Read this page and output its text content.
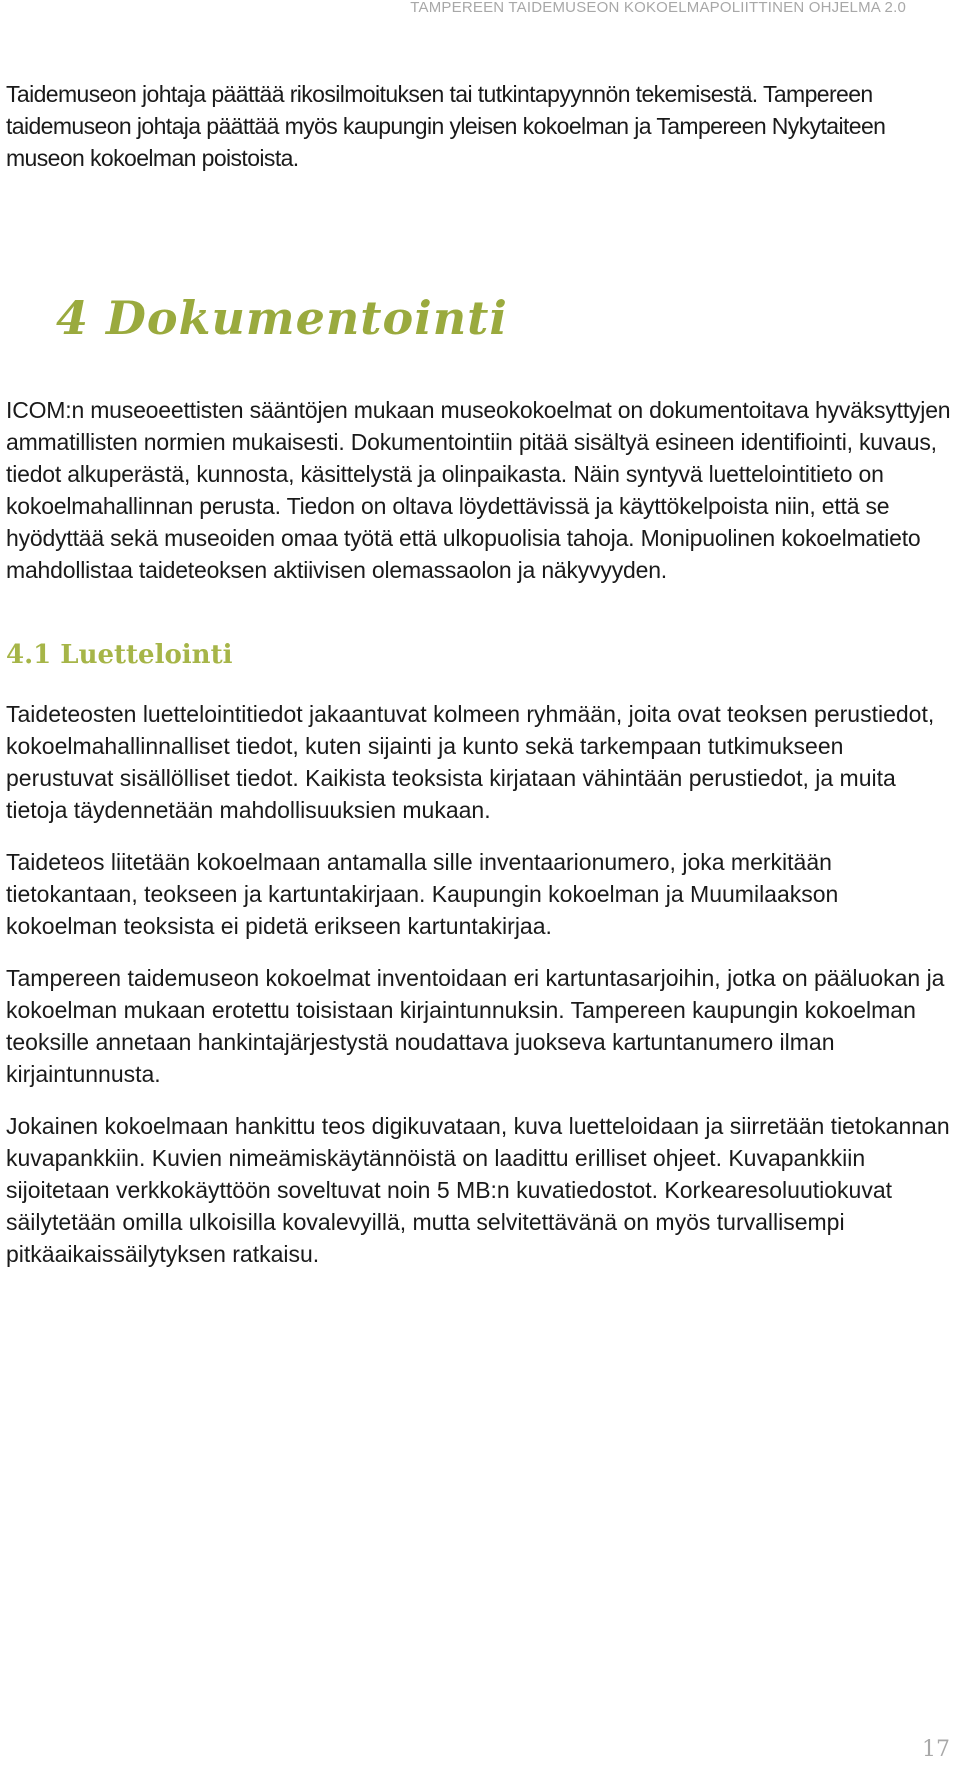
TAMPEREEN TAIDEMUSEON KOKOELMAPOLIITTINEN OHJELMA 2.0

Taidemuseon johtaja päättää rikosilmoituksen tai tutkintapyynnön tekemisestä. Tampereen taidemuseon johtaja päättää myös kaupungin yleisen kokoelman ja Tampereen Nykytaiteen museon kokoelman poistoista.

4 Dokumentointi

ICOM:n museoeettisten sääntöjen mukaan museokokoelmat on dokumentoitava hyväksyttyjen ammatillisten normien mukaisesti. Dokumentointiin pitää sisältyä esineen identifiointi, kuvaus, tiedot alkuperästä, kunnosta, käsittelystä ja olinpaikasta. Näin syntyvä luettelointitieto on kokoelmahallinnan perusta. Tiedon on oltava löydettävissä ja käyttökelpoista niin, että se hyödyttää sekä museoiden omaa työtä että ulkopuolisia tahoja. Monipuolinen kokoelmatieto mahdollistaa taideteoksen aktiivisen olemassaolon ja näkyvyyden.

4.1 Luettelointi

Taideteosten luettelointitiedot jakaantuvat kolmeen ryhmään, joita ovat teoksen perustiedot, kokoelmahallinnalliset tiedot, kuten sijainti ja kunto sekä tarkempaan tutkimukseen perustuvat sisällölliset tiedot. Kaikista teoksista kirjataan vähintään perustiedot, ja muita tietoja täydennetään mahdollisuuksien mukaan.

Taideteos liitetään kokoelmaan antamalla sille inventaarionumero, joka merkitään tietokantaan, teokseen ja kartuntakirjaan. Kaupungin kokoelman ja Muumilaakson kokoelman teoksista ei pidetä erikseen kartuntakirjaa.

Tampereen taidemuseon kokoelmat inventoidaan eri kartuntasarjoihin, jotka on pääluokan ja kokoelman mukaan erotettu toisistaan kirjaintunnuksin. Tampereen kaupungin kokoelman teoksille annetaan hankintajärjestystä noudattava juokseva kartuntanumero ilman kirjaintunnusta.

Jokainen kokoelmaan hankittu teos digikuvataan, kuva luetteloidaan ja siirretään tietokannan kuvapankkiin. Kuvien nimeämiskäytännöistä on laadittu erilliset ohjeet. Kuvapankkiin sijoitetaan verkkokäyttöön soveltuvat noin 5 MB:n kuvatiedostot. Korkearesoluutiokuvat säilytetään omilla ulkoisilla kovalevyillä, mutta selvitettävänä on myös turvallisempi pitkäaikaissäilytyksen ratkaisu.

17
